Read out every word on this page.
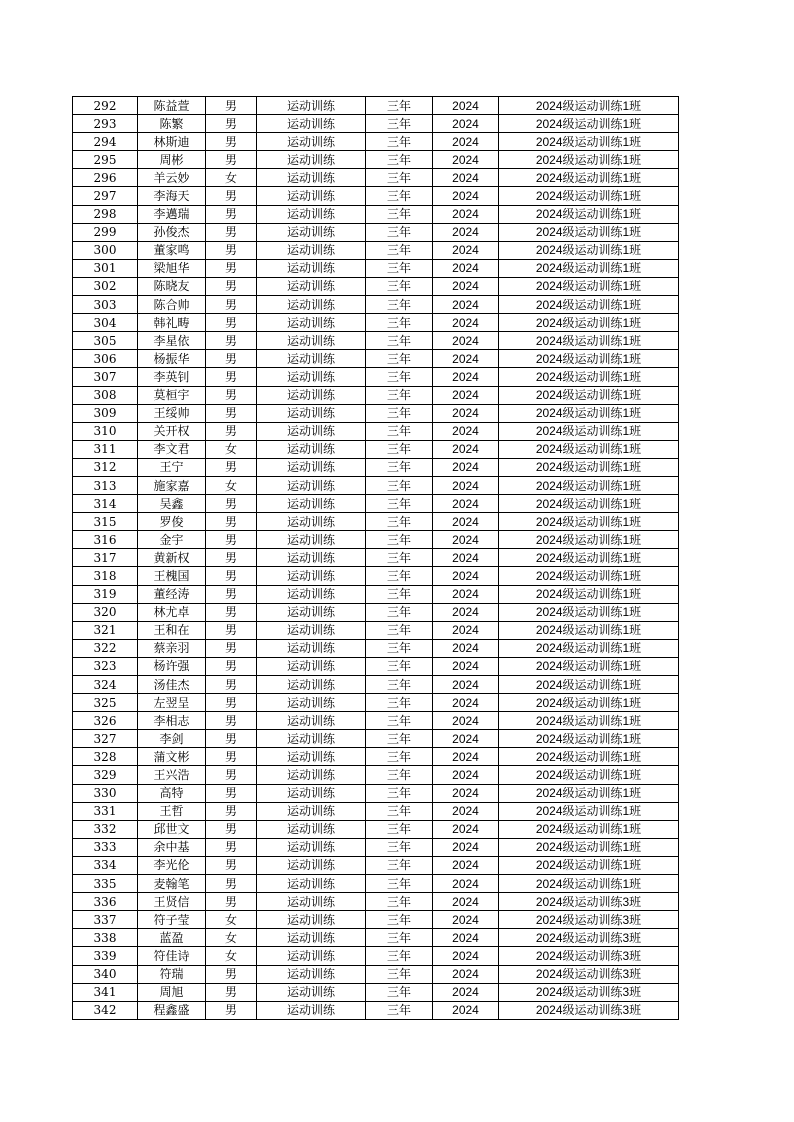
292	陈益萱	男	运动训练	三年	2024	2024级运动训练1班
293	陈繁	男	运动训练	三年	2024	2024级运动训练1班
294	林斯迪	男	运动训练	三年	2024	2024级运动训练1班
295	周彬	男	运动训练	三年	2024	2024级运动训练1班
296	羊云妙	女	运动训练	三年	2024	2024级运动训练1班
297	李海天	男	运动训练	三年	2024	2024级运动训练1班
298	李邁瑞	男	运动训练	三年	2024	2024级运动训练1班
299	孙俊杰	男	运动训练	三年	2024	2024级运动训练1班
300	董家鸣	男	运动训练	三年	2024	2024级运动训练1班
301	梁旭华	男	运动训练	三年	2024	2024级运动训练1班
302	陈晓友	男	运动训练	三年	2024	2024级运动训练1班
303	陈合帅	男	运动训练	三年	2024	2024级运动训练1班
304	韩礼畴	男	运动训练	三年	2024	2024级运动训练1班
305	李星依	男	运动训练	三年	2024	2024级运动训练1班
306	杨振华	男	运动训练	三年	2024	2024级运动训练1班
307	李英钊	男	运动训练	三年	2024	2024级运动训练1班
308	莫桓宇	男	运动训练	三年	2024	2024级运动训练1班
309	王绥帅	男	运动训练	三年	2024	2024级运动训练1班
310	关开权	男	运动训练	三年	2024	2024级运动训练1班
311	李文君	女	运动训练	三年	2024	2024级运动训练1班
312	王宁	男	运动训练	三年	2024	2024级运动训练1班
313	施家嘉	女	运动训练	三年	2024	2024级运动训练1班
314	吴鑫	男	运动训练	三年	2024	2024级运动训练1班
315	罗俊	男	运动训练	三年	2024	2024级运动训练1班
316	金宇	男	运动训练	三年	2024	2024级运动训练1班
317	黄新权	男	运动训练	三年	2024	2024级运动训练1班
318	王槐国	男	运动训练	三年	2024	2024级运动训练1班
319	董经涛	男	运动训练	三年	2024	2024级运动训练1班
320	林尤卓	男	运动训练	三年	2024	2024级运动训练1班
321	王和在	男	运动训练	三年	2024	2024级运动训练1班
322	蔡亲羽	男	运动训练	三年	2024	2024级运动训练1班
323	杨许强	男	运动训练	三年	2024	2024级运动训练1班
324	汤佳杰	男	运动训练	三年	2024	2024级运动训练1班
325	左翌呈	男	运动训练	三年	2024	2024级运动训练1班
326	李相志	男	运动训练	三年	2024	2024级运动训练1班
327	李剑	男	运动训练	三年	2024	2024级运动训练1班
328	蒲文彬	男	运动训练	三年	2024	2024级运动训练1班
329	王兴浩	男	运动训练	三年	2024	2024级运动训练1班
330	高特	男	运动训练	三年	2024	2024级运动训练1班
331	王哲	男	运动训练	三年	2024	2024级运动训练1班
332	邱世文	男	运动训练	三年	2024	2024级运动训练1班
333	余中基	男	运动训练	三年	2024	2024级运动训练1班
334	李光伦	男	运动训练	三年	2024	2024级运动训练1班
335	麦翰笔	男	运动训练	三年	2024	2024级运动训练1班
336	王贤信	男	运动训练	三年	2024	2024级运动训练3班
337	符子莹	女	运动训练	三年	2024	2024级运动训练3班
338	蓝盈	女	运动训练	三年	2024	2024级运动训练3班
339	符佳诗	女	运动训练	三年	2024	2024级运动训练3班
340	符瑞	男	运动训练	三年	2024	2024级运动训练3班
341	周旭	男	运动训练	三年	2024	2024级运动训练3班
342	程鑫盛	男	运动训练	三年	2024	2024级运动训练3班
